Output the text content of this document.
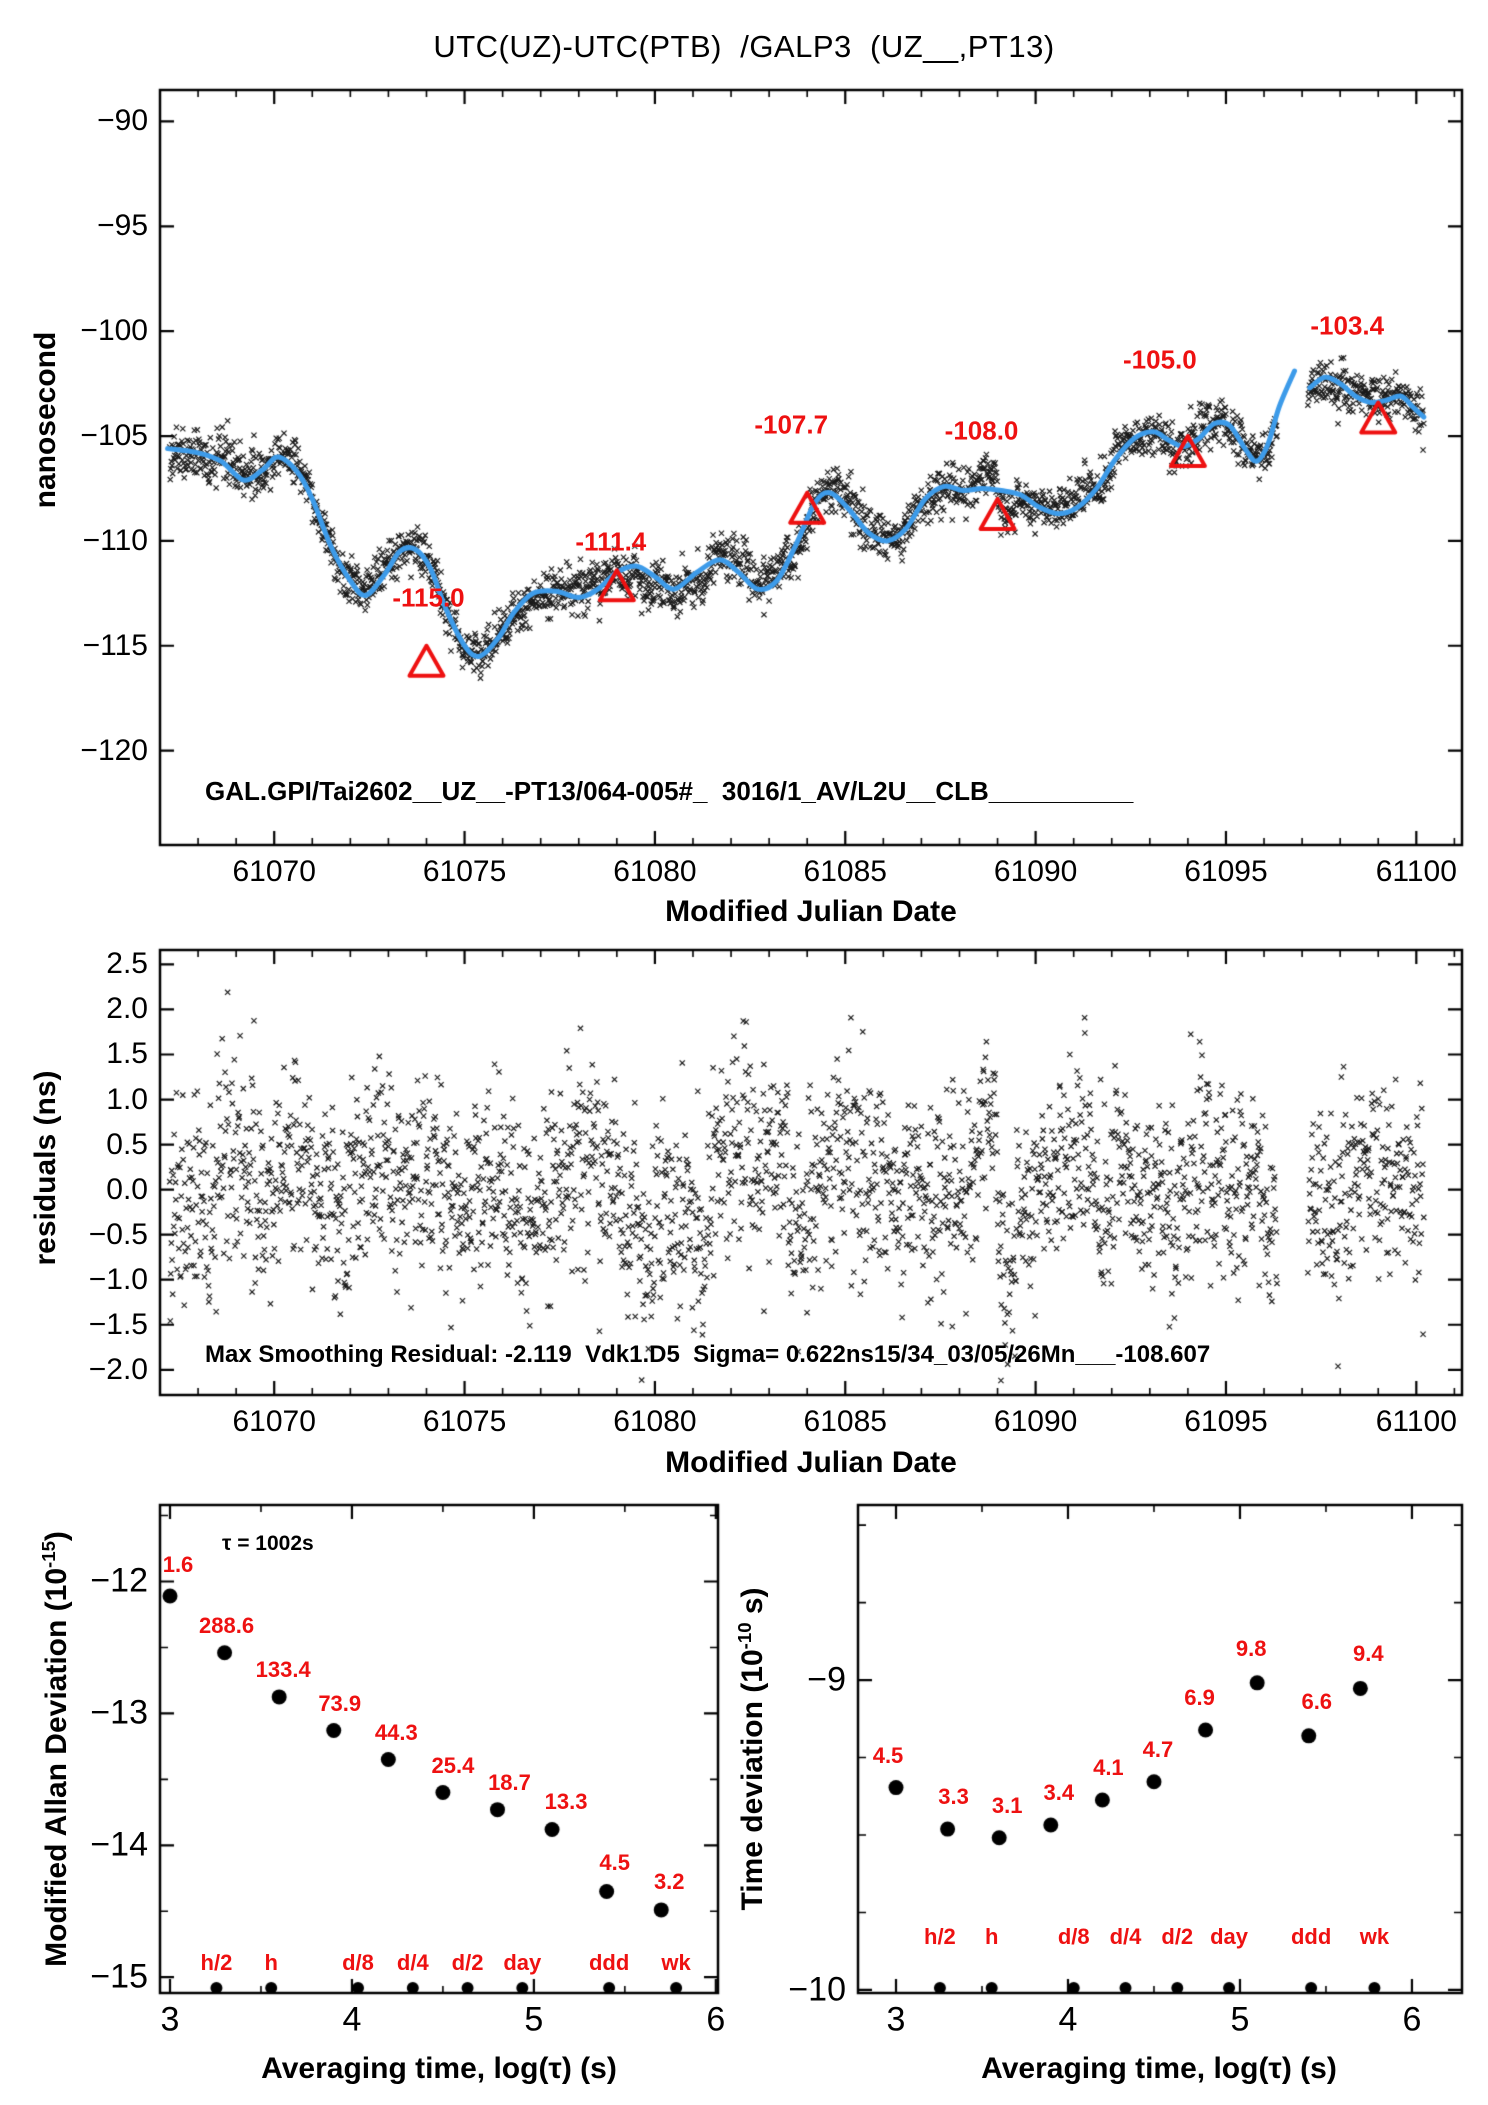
UTC(UZ)-UTC(PTB)  /GALP3  (UZ__,PT13)
nanosecond
Modified Julian Date
GAL.GPI/Tai2602__UZ__-PT13/064-005#_  3016/1_AV/L2U__CLB__________
residuals (ns)
Modified Julian Date
Max Smoothing Residual: -2.119  Vdk1.D5  Sigma= 0.622ns15/34_03/05/26Mn___-108.607
Modified Allan Deviation $(10^{-15})$
Averaging time, log(τ) (s)
τ = 1002s
Time deviation ($10^{-10}$ s)
Averaging time, log(τ) (s)
61070	61075	61080	61085	61090	61095	61100
−90
−95
−100
−105
−110
−115
−120
-115.0
-111.4
-107.7	-108.0
-105.0
-103.4
61070	61075	61080	61085	61090	61095	61100
2.5
2.0
1.5
1.0
0.5
0.0
−0.5
−1.0
−1.5
−2.0
3	4	5	6
−12
−13
−14
−15
1.6
288.6
133.4
73.9
44.3
25.4
18.7
13.3
4.5
3.2
h/2 h	d/8 d/4 d/2 day ddd wk
3	4	5	6
−9
−10
4.5
3.3 3.1
3.4
4.1
4.7
6.9
9.8
6.6
9.4
h/2 h	d/8 d/4 d/2 day ddd wk
